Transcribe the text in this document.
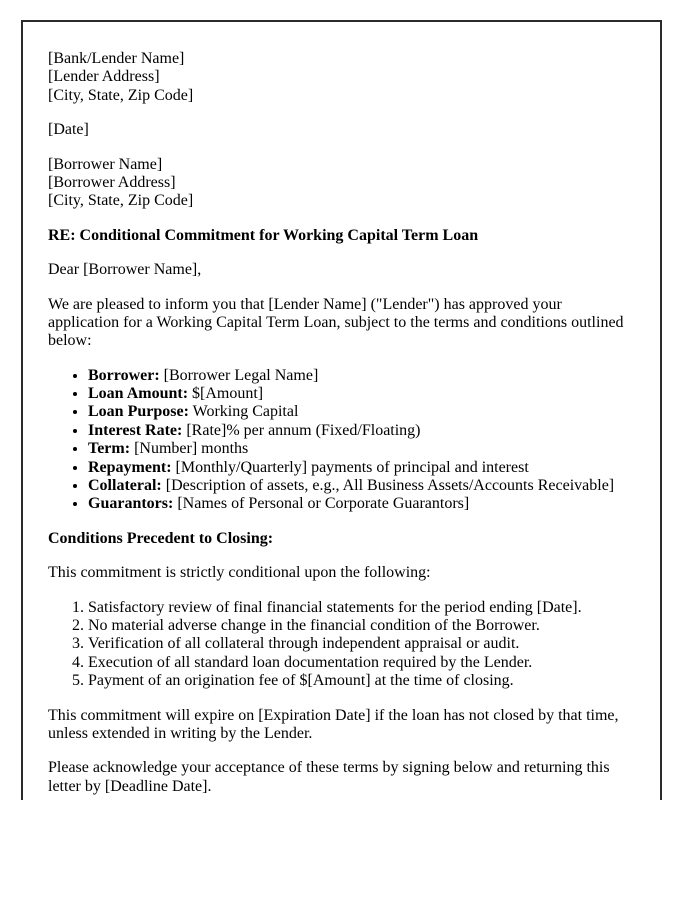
[Bank/Lender Name]
[Lender Address]
[City, State, Zip Code]

[Date]

[Borrower Name]
[Borrower Address]
[City, State, Zip Code]

RE: Conditional Commitment for Working Capital Term Loan

Dear [Borrower Name],

We are pleased to inform you that [Lender Name] ("Lender") has approved your application for a Working Capital Term Loan, subject to the terms and conditions outlined below:

• Borrower: [Borrower Legal Name]
• Loan Amount: $[Amount]
• Loan Purpose: Working Capital
• Interest Rate: [Rate]% per annum (Fixed/Floating)
• Term: [Number] months
• Repayment: [Monthly/Quarterly] payments of principal and interest
• Collateral: [Description of assets, e.g., All Business Assets/Accounts Receivable]
• Guarantors: [Names of Personal or Corporate Guarantors]

Conditions Precedent to Closing:

This commitment is strictly conditional upon the following:

1. Satisfactory review of final financial statements for the period ending [Date].
2. No material adverse change in the financial condition of the Borrower.
3. Verification of all collateral through independent appraisal or audit.
4. Execution of all standard loan documentation required by the Lender.
5. Payment of an origination fee of $[Amount] at the time of closing.

This commitment will expire on [Expiration Date] if the loan has not closed by that time, unless extended in writing by the Lender.

Please acknowledge your acceptance of these terms by signing below and returning this letter by [Deadline Date].
